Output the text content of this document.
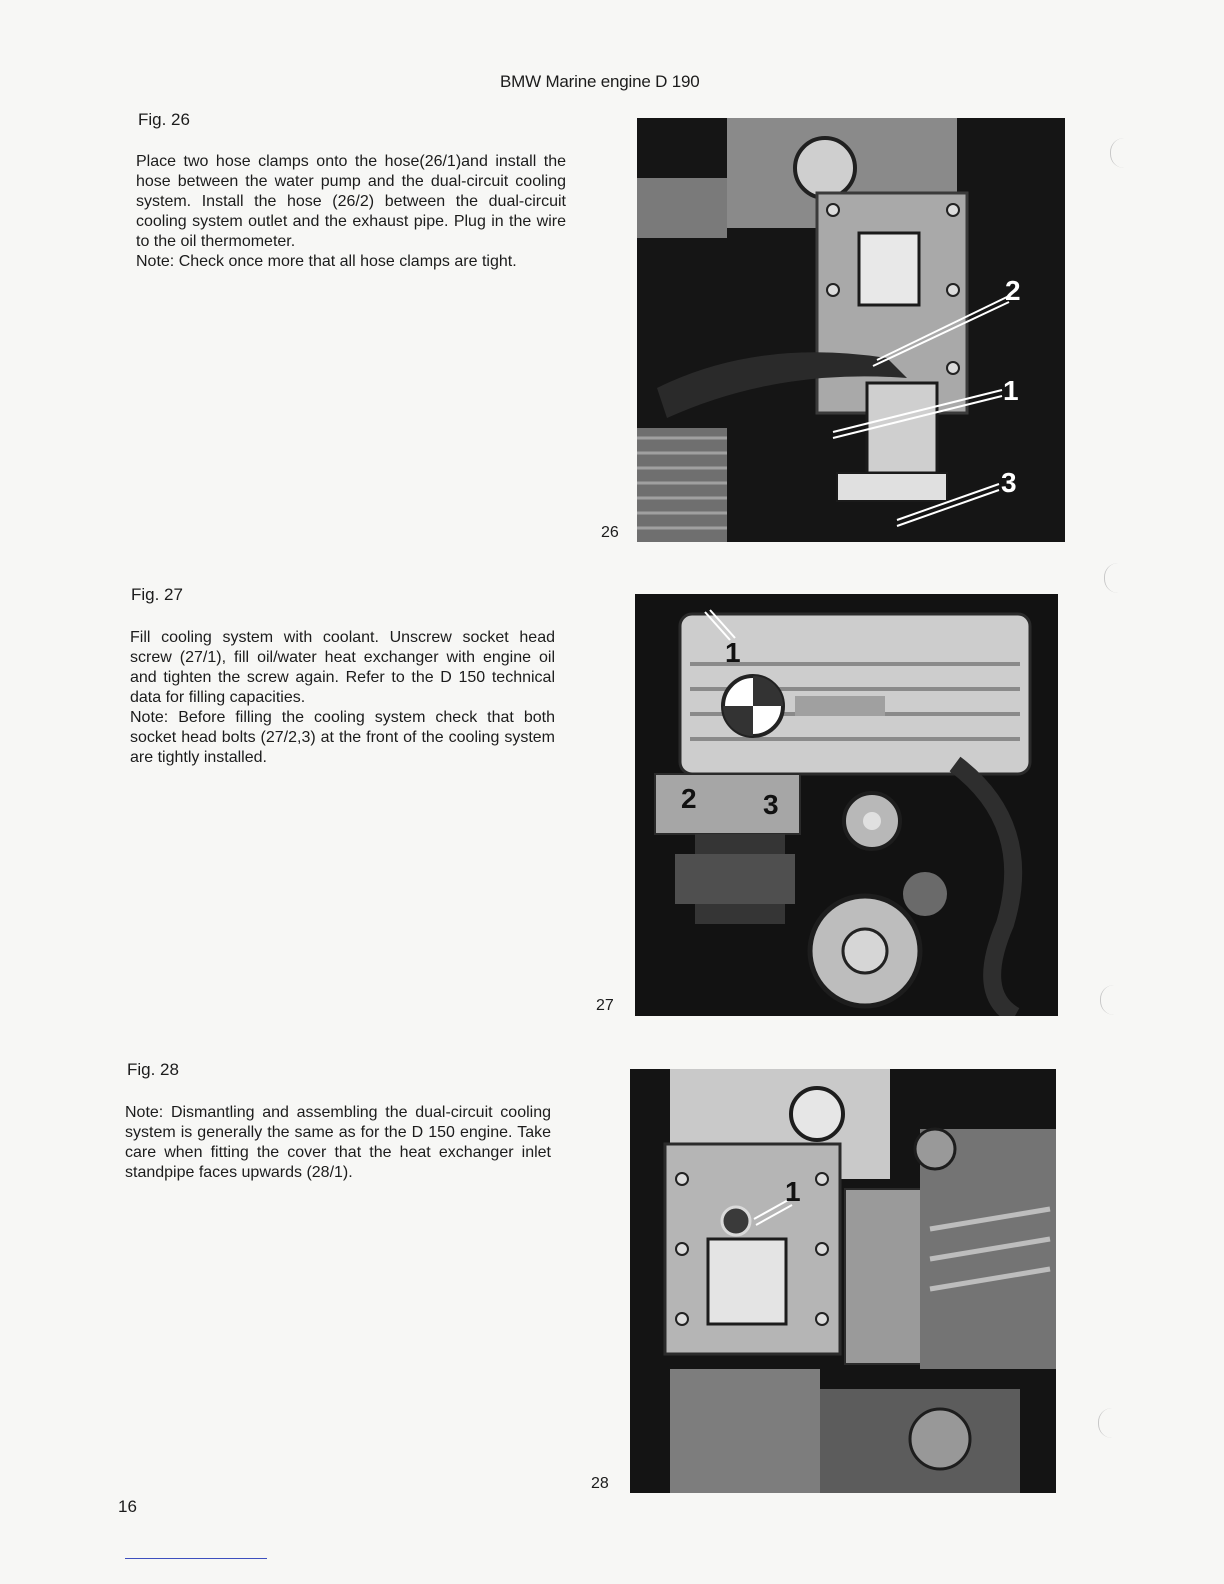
BMW Marine engine D 190
Fig. 26

Place two hose clamps onto the hose(26/1)and install the hose between the water pump and the dual-circuit cooling system. Install the hose (26/2) between the dual-circuit cooling system outlet and the exhaust pipe. Plug in the wire to the oil thermometer.

Note: Check once more that all hose clamps are tight.

26
2
1
3
Fig. 27

Fill cooling system with coolant. Unscrew socket head screw (27/1), fill oil/water heat exchanger with engine oil and tighten the screw again. Refer to the D 150 technical data for filling capacities.

Note: Before filling the cooling system check that both socket head bolts (27/2,3) at the front of the cooling system are tightly installed.

27
1
2 3
Fig. 28

Note: Dismantling and assembling the dual-circuit cooling system is generally the same as for the D 150 engine. Take care when fitting the cover that the heat exchanger inlet standpipe faces upwards (28/1).

28
1
16
